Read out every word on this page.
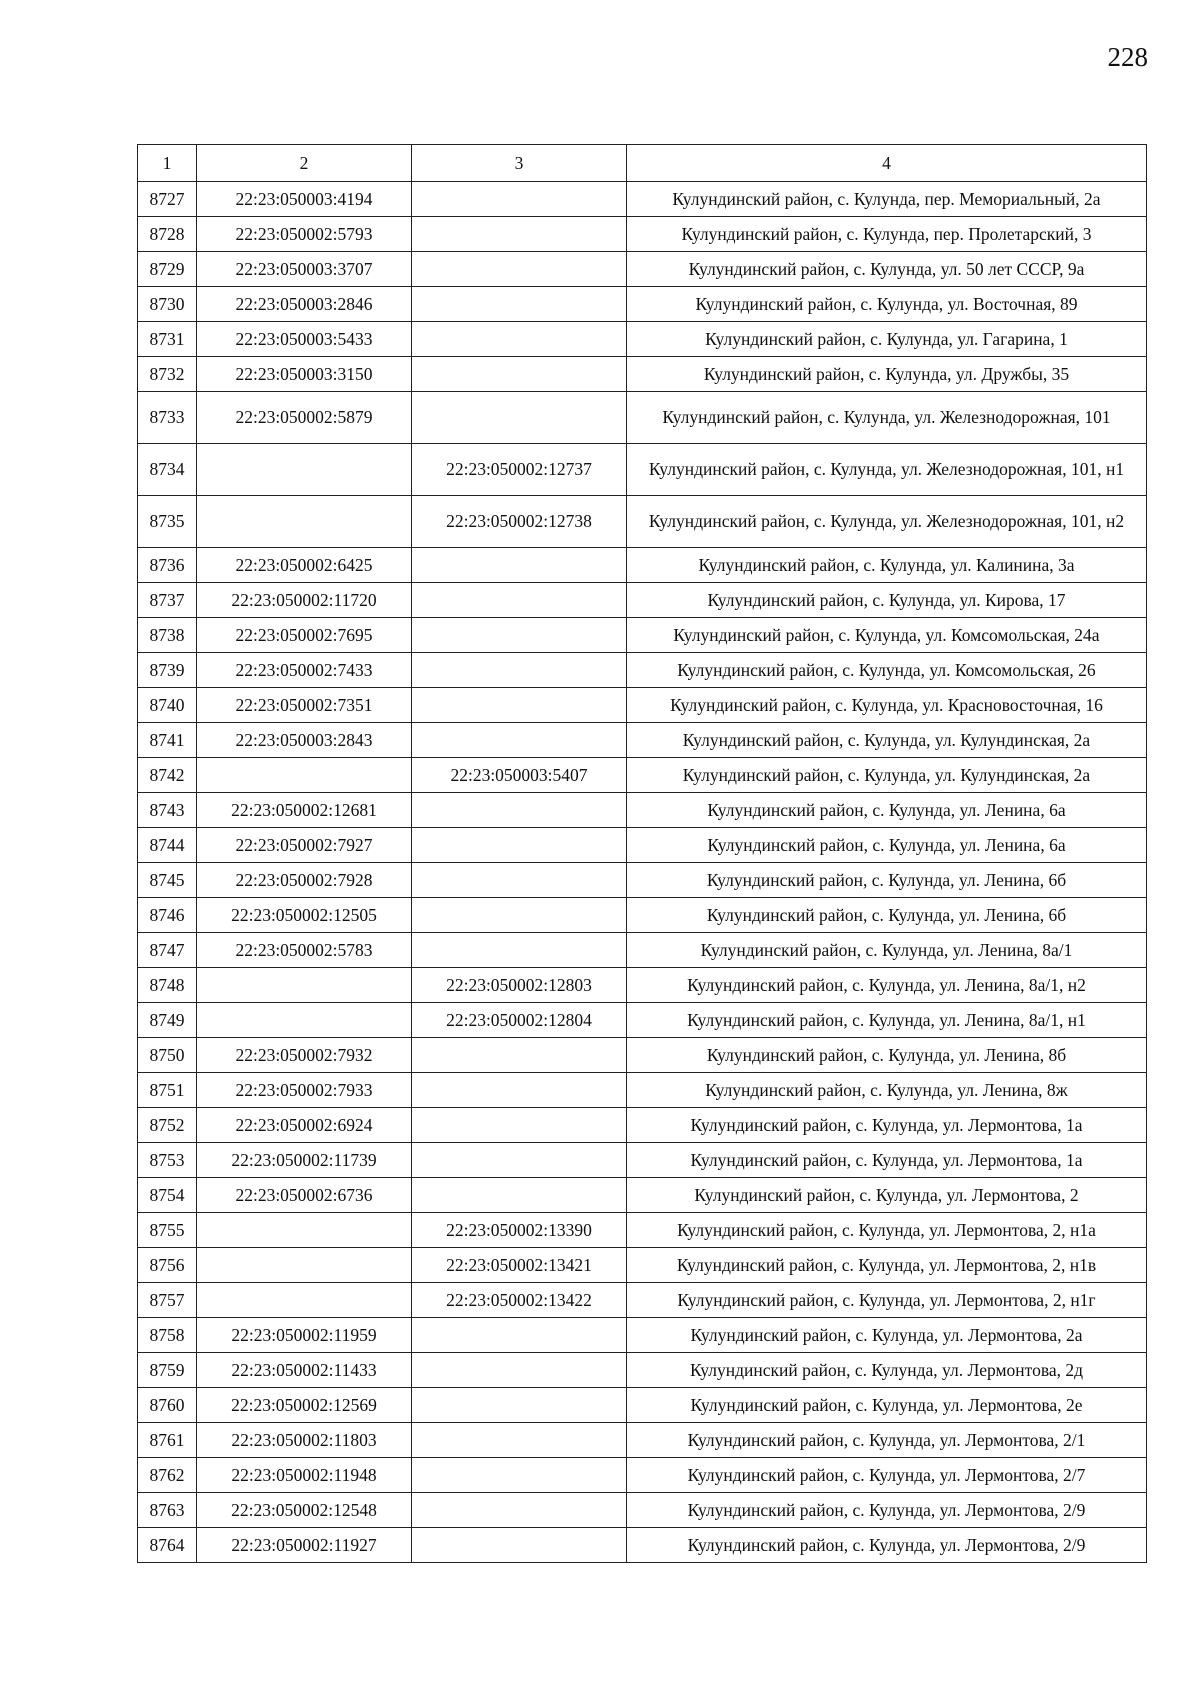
228
1	2	3	4
8727	22:23:050003:4194		Кулундинский район, с. Кулунда, пер. Мемориальный, 2а
8728	22:23:050002:5793		Кулундинский район, с. Кулунда, пер. Пролетарский, 3
8729	22:23:050003:3707		Кулундинский район, с. Кулунда, ул. 50 лет СССР, 9а
8730	22:23:050003:2846		Кулундинский район, с. Кулунда, ул. Восточная, 89
8731	22:23:050003:5433		Кулундинский район, с. Кулунда, ул. Гагарина, 1
8732	22:23:050003:3150		Кулундинский район, с. Кулунда, ул. Дружбы, 35
8733	22:23:050002:5879		Кулундинский район, с. Кулунда, ул. Железнодорожная, 101
8734		22:23:050002:12737	Кулундинский район, с. Кулунда, ул. Железнодорожная, 101, н1
8735		22:23:050002:12738	Кулундинский район, с. Кулунда, ул. Железнодорожная, 101, н2
8736	22:23:050002:6425		Кулундинский район, с. Кулунда, ул. Калинина, 3а
8737	22:23:050002:11720		Кулундинский район, с. Кулунда, ул. Кирова, 17
8738	22:23:050002:7695		Кулундинский район, с. Кулунда, ул. Комсомольская, 24а
8739	22:23:050002:7433		Кулундинский район, с. Кулунда, ул. Комсомольская, 26
8740	22:23:050002:7351		Кулундинский район, с. Кулунда, ул. Красновосточная, 16
8741	22:23:050003:2843		Кулундинский район, с. Кулунда, ул. Кулундинская, 2а
8742		22:23:050003:5407	Кулундинский район, с. Кулунда, ул. Кулундинская, 2а
8743	22:23:050002:12681		Кулундинский район, с. Кулунда, ул. Ленина, 6а
8744	22:23:050002:7927		Кулундинский район, с. Кулунда, ул. Ленина, 6а
8745	22:23:050002:7928		Кулундинский район, с. Кулунда, ул. Ленина, 6б
8746	22:23:050002:12505		Кулундинский район, с. Кулунда, ул. Ленина, 6б
8747	22:23:050002:5783		Кулундинский район, с. Кулунда, ул. Ленина, 8а/1
8748		22:23:050002:12803	Кулундинский район, с. Кулунда, ул. Ленина, 8а/1, н2
8749		22:23:050002:12804	Кулундинский район, с. Кулунда, ул. Ленина, 8а/1, н1
8750	22:23:050002:7932		Кулундинский район, с. Кулунда, ул. Ленина, 8б
8751	22:23:050002:7933		Кулундинский район, с. Кулунда, ул. Ленина, 8ж
8752	22:23:050002:6924		Кулундинский район, с. Кулунда, ул. Лермонтова, 1а
8753	22:23:050002:11739		Кулундинский район, с. Кулунда, ул. Лермонтова, 1а
8754	22:23:050002:6736		Кулундинский район, с. Кулунда, ул. Лермонтова, 2
8755		22:23:050002:13390	Кулундинский район, с. Кулунда, ул. Лермонтова, 2, н1а
8756		22:23:050002:13421	Кулундинский район, с. Кулунда, ул. Лермонтова, 2, н1в
8757		22:23:050002:13422	Кулундинский район, с. Кулунда, ул. Лермонтова, 2, н1г
8758	22:23:050002:11959		Кулундинский район, с. Кулунда, ул. Лермонтова, 2а
8759	22:23:050002:11433		Кулундинский район, с. Кулунда, ул. Лермонтова, 2д
8760	22:23:050002:12569		Кулундинский район, с. Кулунда, ул. Лермонтова, 2е
8761	22:23:050002:11803		Кулундинский район, с. Кулунда, ул. Лермонтова, 2/1
8762	22:23:050002:11948		Кулундинский район, с. Кулунда, ул. Лермонтова, 2/7
8763	22:23:050002:12548		Кулундинский район, с. Кулунда, ул. Лермонтова, 2/9
8764	22:23:050002:11927		Кулундинский район, с. Кулунда, ул. Лермонтова, 2/9
